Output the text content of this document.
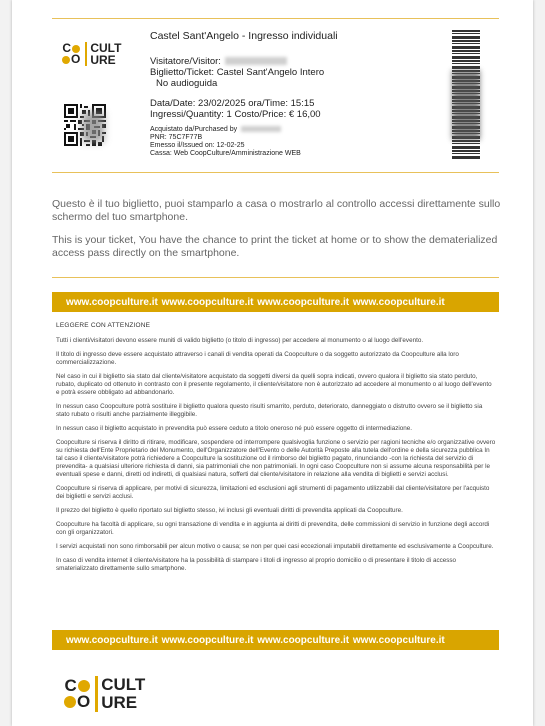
C
O
CULT
URE
Castel Sant'Angelo - Ingresso individuali
Visitatore/Visitor:
Biglietto/Ticket: Castel Sant'Angelo Intero
No audioguida
Data/Date: 23/02/2025 ora/Time: 15:15
Ingressi/Quantity: 1 Costo/Price: € 16,00
Acquistato da/Purchased by
PNR: 75C7F77B
Emesso il/Issued on: 12-02-25
Cassa: Web CoopCulture/Amministrazione WEB

Questo è il tuo biglietto, puoi stamparlo a casa o mostrarlo al controllo accessi direttamente sullo schermo del tuo smartphone.

This is your ticket, You have the chance to print the ticket at home or to show the dematerialized access pass directly on the smartphone.

www.coopculture.it www.coopculture.it www.coopculture.it www.coopculture.it
LEGGERE CON ATTENZIONE

Tutti i clienti/visitatori devono essere muniti di valido biglietto (o titolo di ingresso) per accedere al monumento o al luogo dell'evento.

Il titolo di ingresso deve essere acquistato attraverso i canali di vendita operati da Coopculture o da soggetto autorizzato da Coopculture alla loro commercializzazione.

Nel caso in cui il biglietto sia stato dal cliente/visitatore acquistato da soggetti diversi da quelli sopra indicati, ovvero qualora il biglietto sia stato perduto, rubato, duplicato od ottenuto in contrasto con il presente regolamento, il cliente/visitatore non è autorizzato ad accedere al monumento o al luogo dell'evento e potrà essere obbligato ad abbandonarlo.

In nessun caso Coopculture potrà sostituire il biglietto qualora questo risulti smarrito, perduto, deteriorato, danneggiato o distrutto ovvero se il biglietto sia stato rubato o risulti anche parzialmente illeggibile.

In nessun caso il biglietto acquistato in prevendita può essere ceduto a titolo oneroso né può essere oggetto di intermediazione.

Coopculture si riserva il diritto di ritirare, modificare, sospendere od interrompere qualsivoglia funzione o servizio per ragioni tecniche e/o organizzative ovvero su richiesta dell'Ente Proprietario del Monumento, dell'Organizzatore dell'Evento o delle Autorità Preposte alla tutela dell'ordine e della sicurezza pubblica In tal caso il cliente/visitatore potrà richiedere a Coopculture la sostituzione od il rimborso del biglietto pagato, rinunciando -con la richiesta del servizio di prevendita- a qualsiasi ulteriore richiesta di danni, sia patrimoniali che non patrimoniali. In ogni caso Coopculture non si assume alcuna responsabilità per le eventuali spese e danni, diretti od indiretti, di qualsiasi natura, sofferti dal cliente/visitatore in relazione alla vendita di biglietti e servizi acclusi.

Coopculture si riserva di applicare, per motivi di sicurezza, limitazioni ed esclusioni agli strumenti di pagamento utilizzabili dal cliente/visitatore per l'acquisto dei biglietti e servizi acclusi.

Il prezzo del biglietto è quello riportato sul biglietto stesso, ivi inclusi gli eventuali diritti di prevendita applicati da Coopculture.

Coopculture ha facoltà di applicare, su ogni transazione di vendita e in aggiunta ai diritti di prevendita, delle commissioni di servizio in funzione degli accordi con gli organizzatori.

I servizi acquistati non sono rimborsabili per alcun motivo o causa; se non per quei casi eccezionali imputabili direttamente ed esclusivamente a Coopculture.

In caso di vendita internet il cliente/visitatore ha la possibilità di stampare i titoli di ingresso al proprio domicilio o di presentare il titolo di accesso smaterializzato direttamente sullo smartphone.

www.coopculture.it www.coopculture.it www.coopculture.it www.coopculture.it
C
O
CULT
URE
